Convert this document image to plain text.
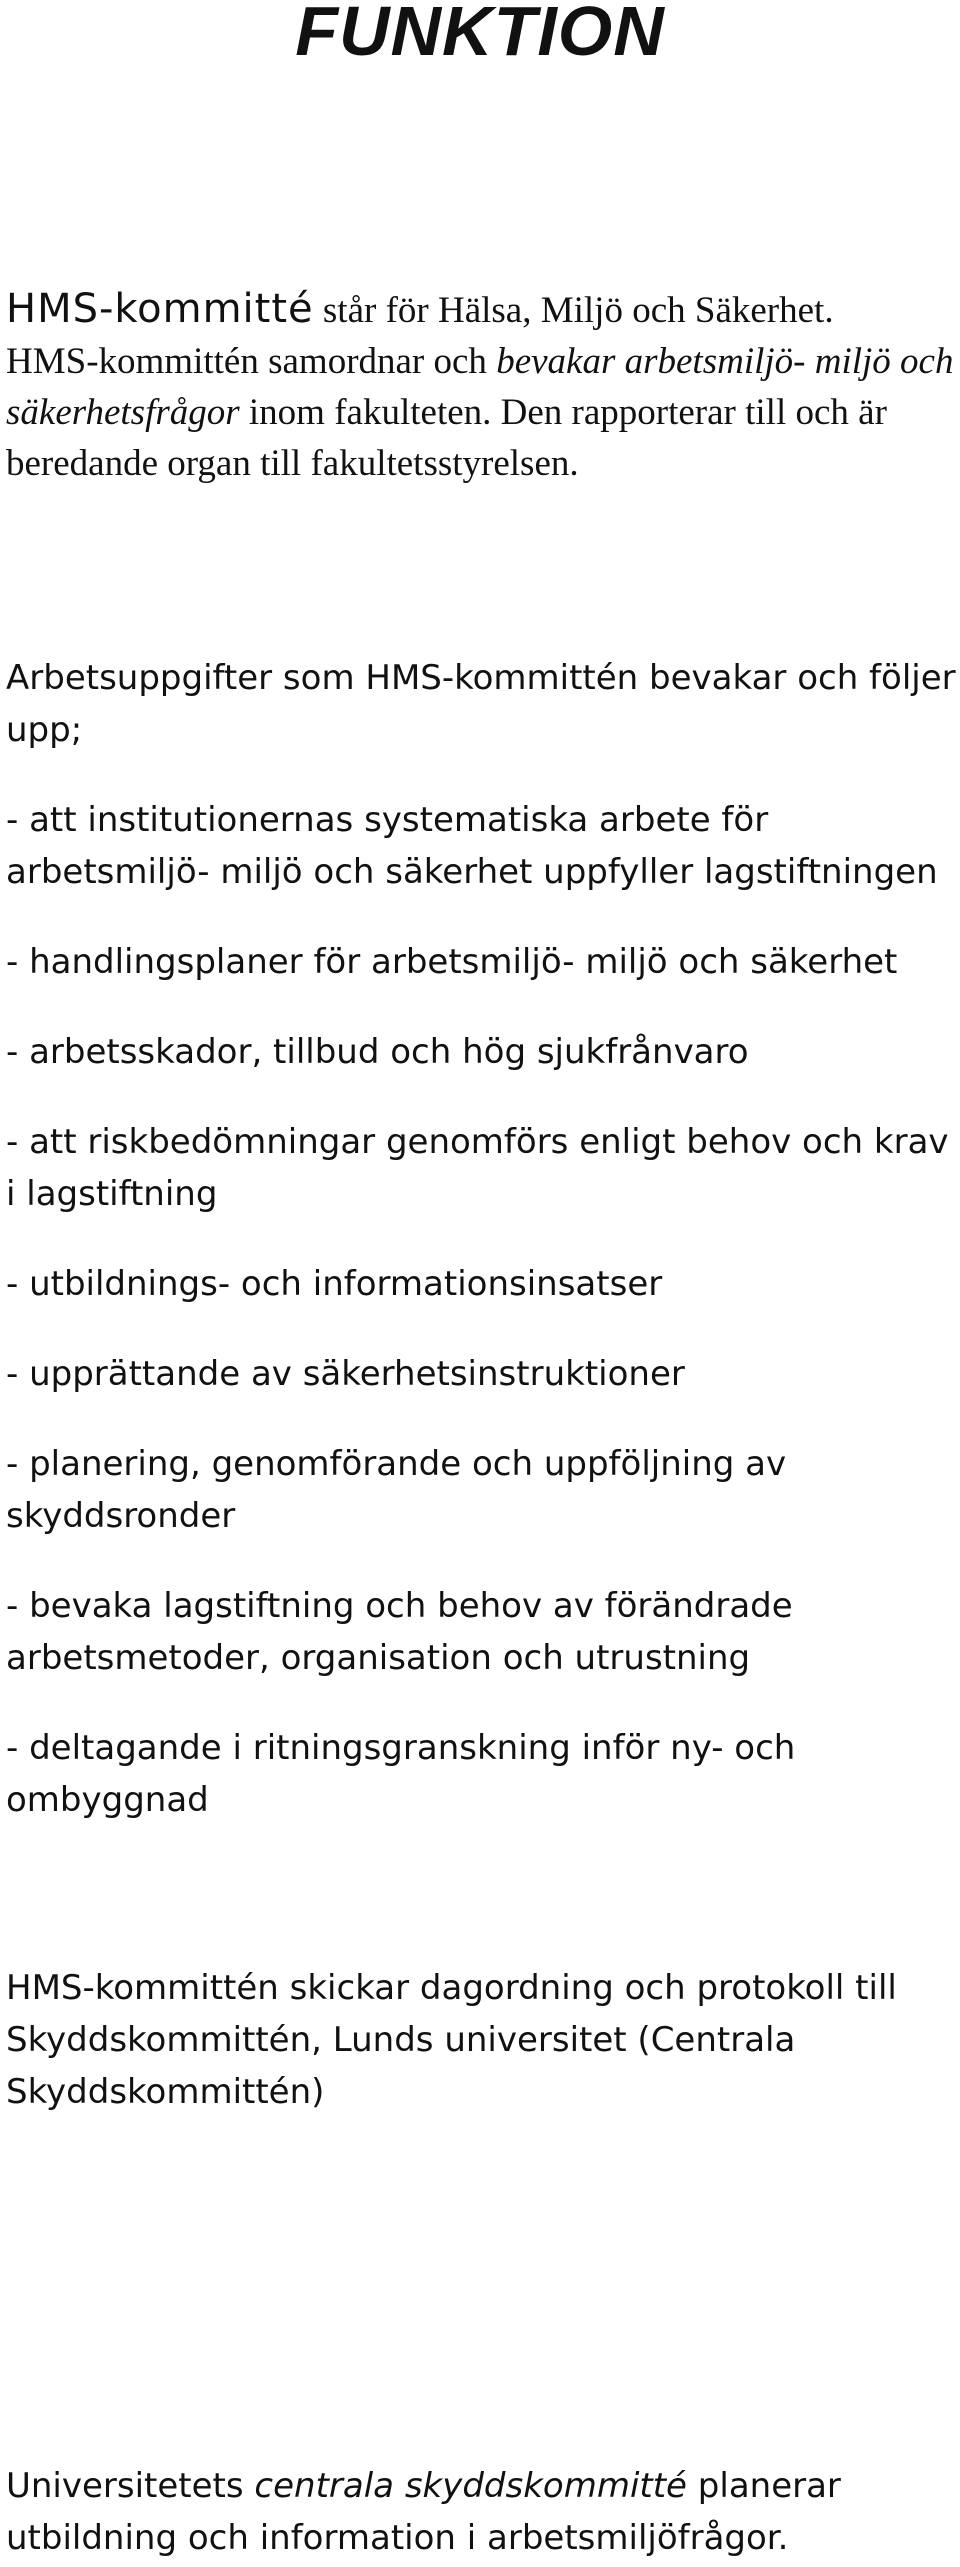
FUNKTION

HMS-kommitté står för Hälsa, Miljö och Säkerhet.
HMS-kommittén samordnar och bevakar arbetsmiljö- miljö och säkerhetsfrågor inom fakulteten. Den rapporterar till och är beredande organ till fakultetsstyrelsen.

Arbetsuppgifter som HMS-kommittén bevakar och följer upp;

- att institutionernas systematiska arbete för arbetsmiljö- miljö och säkerhet uppfyller lagstiftningen
- handlingsplaner för arbetsmiljö- miljö och säkerhet
- arbetsskador, tillbud och hög sjukfrånvaro
- att riskbedömningar genomförs enligt behov och krav i lagstiftning
- utbildnings- och informationsinsatser
- upprättande av säkerhetsinstruktioner
- planering, genomförande och uppföljning av skyddsronder
- bevaka lagstiftning och behov av förändrade arbetsmetoder, organisation och utrustning
- deltagande i ritningsgranskning inför ny- och ombyggnad

HMS-kommittén skickar dagordning och protokoll till Skyddskommittén, Lunds universitet (Centrala Skyddskommittén)

Universitetets centrala skyddskommitté planerar utbildning och information i arbetsmiljöfrågor.
